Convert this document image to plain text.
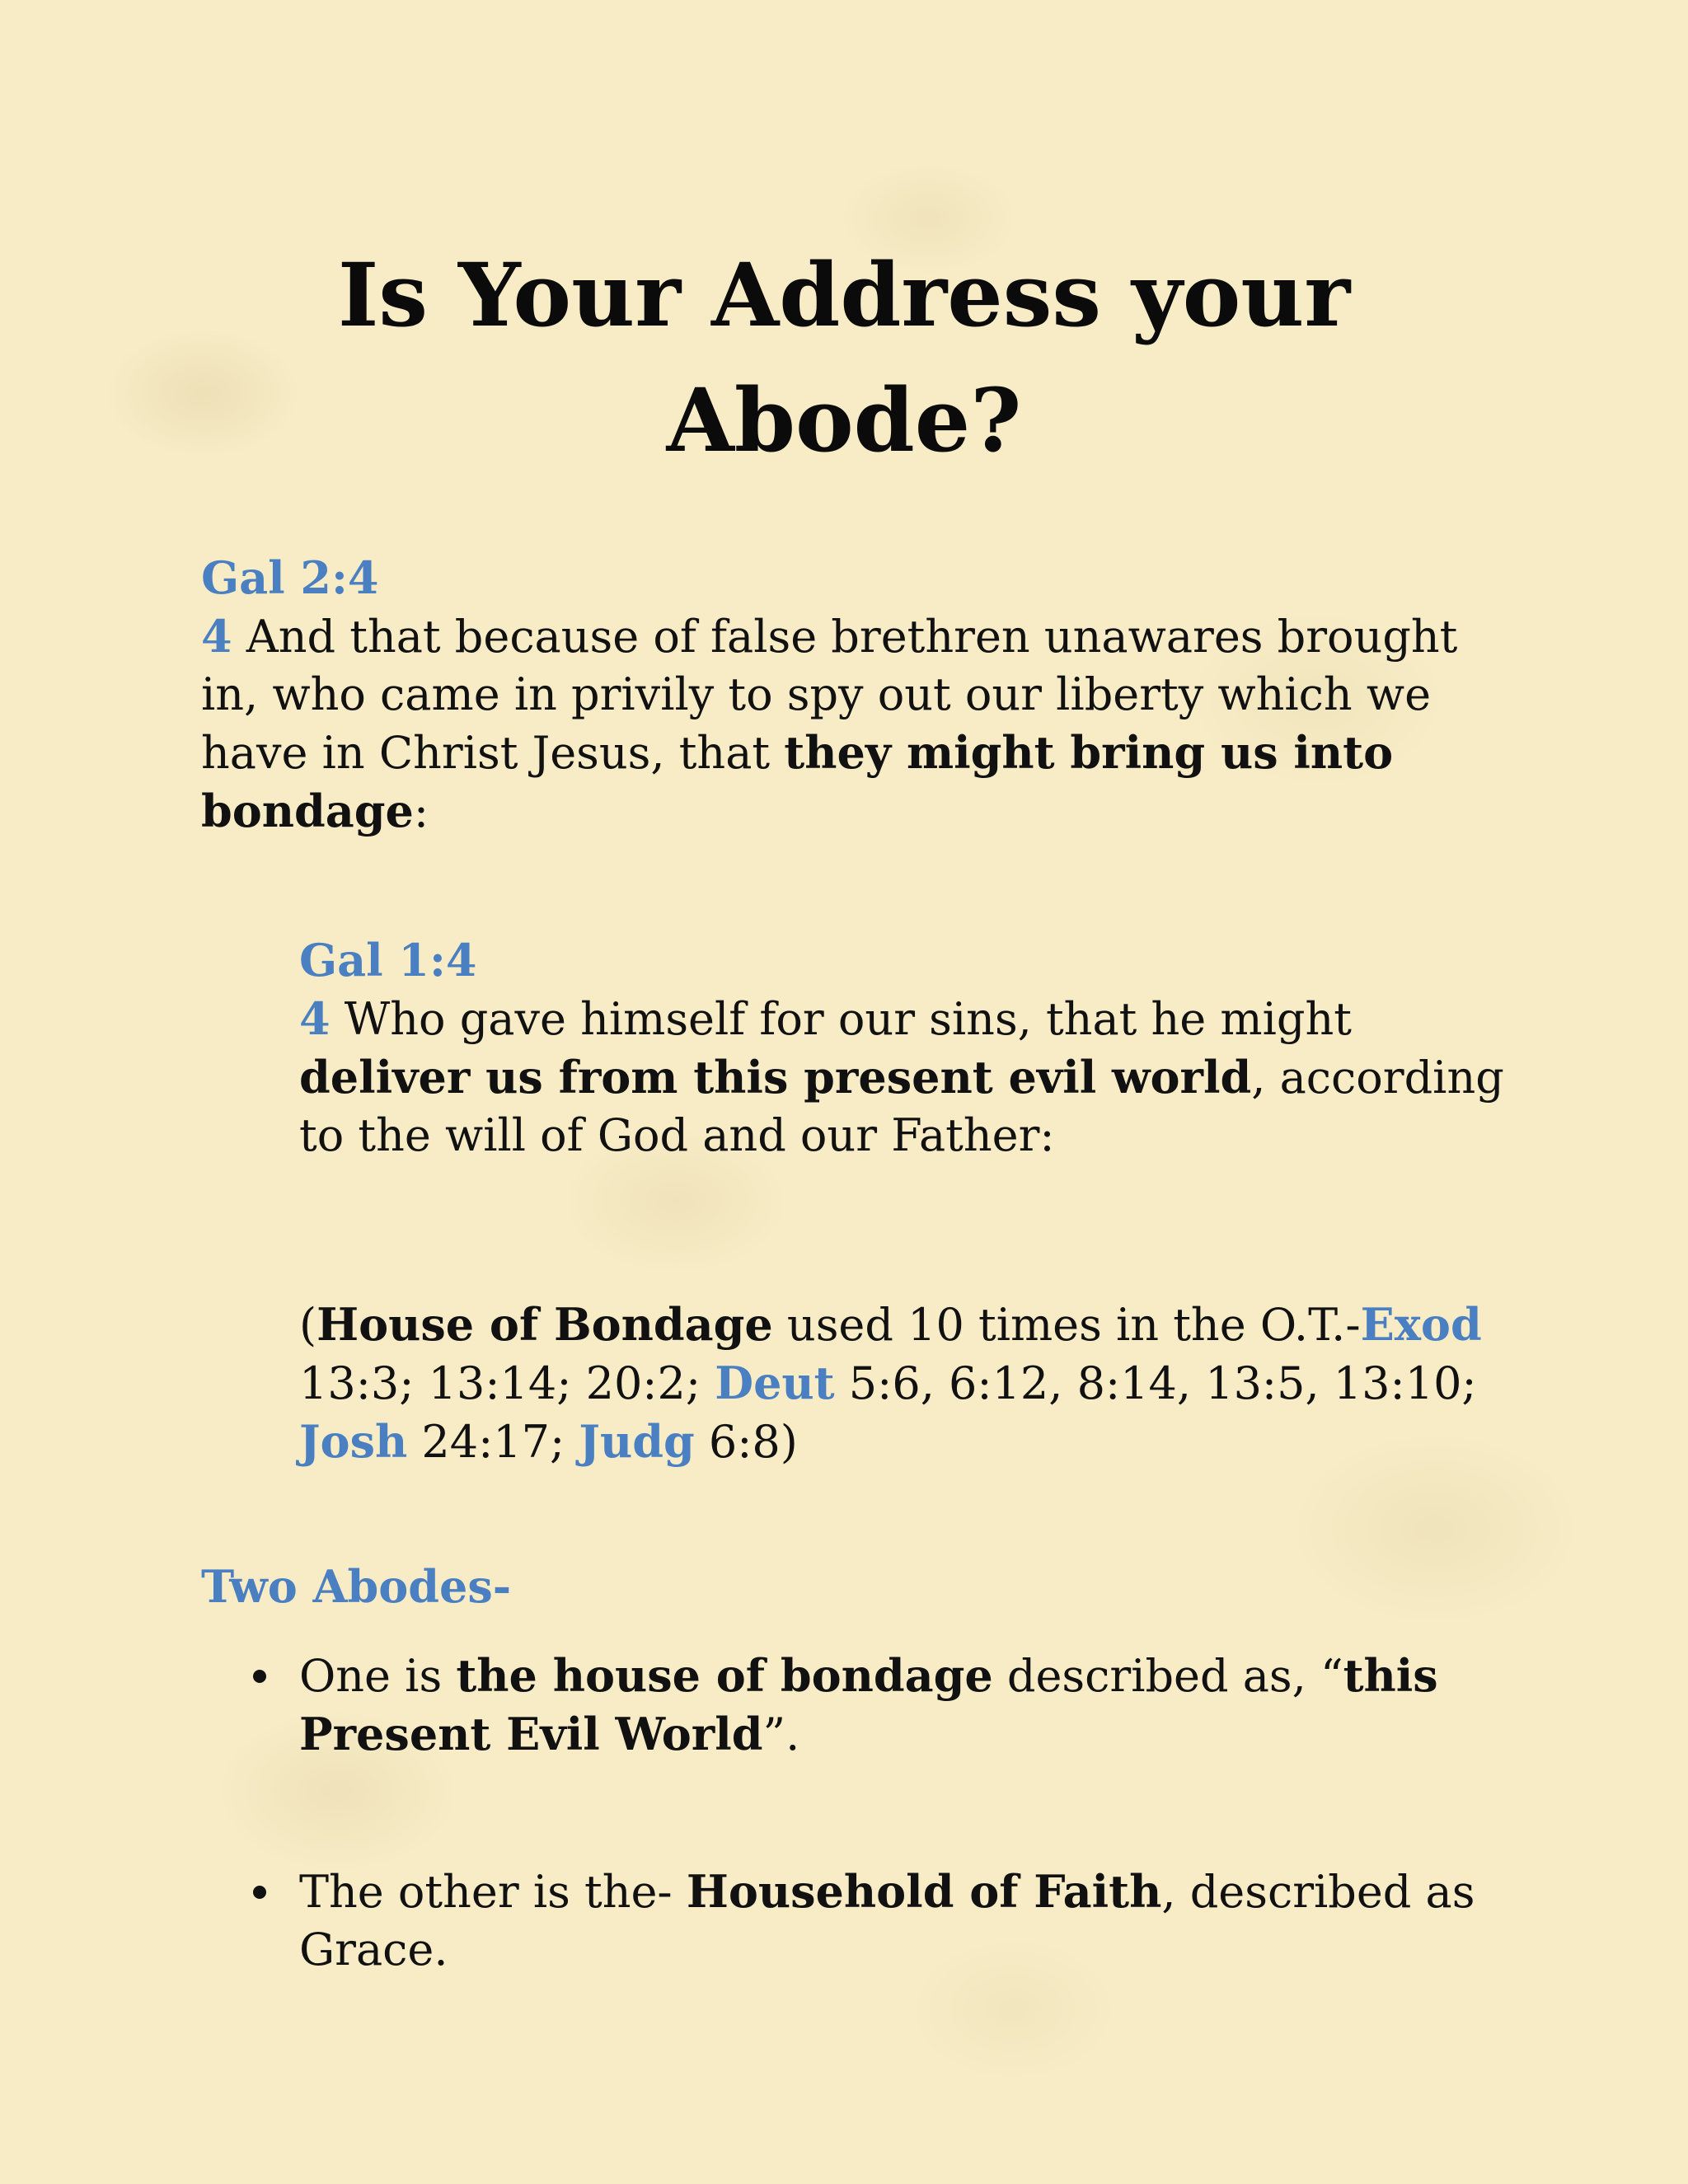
Is Your Address your
Abode?

Gal 2:4

4 And that because of false brethren unawares brought in, who came in privily to spy out our liberty which we have in Christ Jesus, that they might bring us into bondage:

Gal 1:4

4 Who gave himself for our sins, that he might deliver us from this present evil world, according to the will of God and our Father:

(House of Bondage used 10 times in the O.T.-Exod 13:3; 13:14; 20:2; Deut 5:6, 6:12, 8:14, 13:5, 13:10; Josh 24:17; Judg 6:8)

Two Abodes-

One is the house of bondage described as, “this Present Evil World”.

The other is the- Household of Faith, described as Grace.
